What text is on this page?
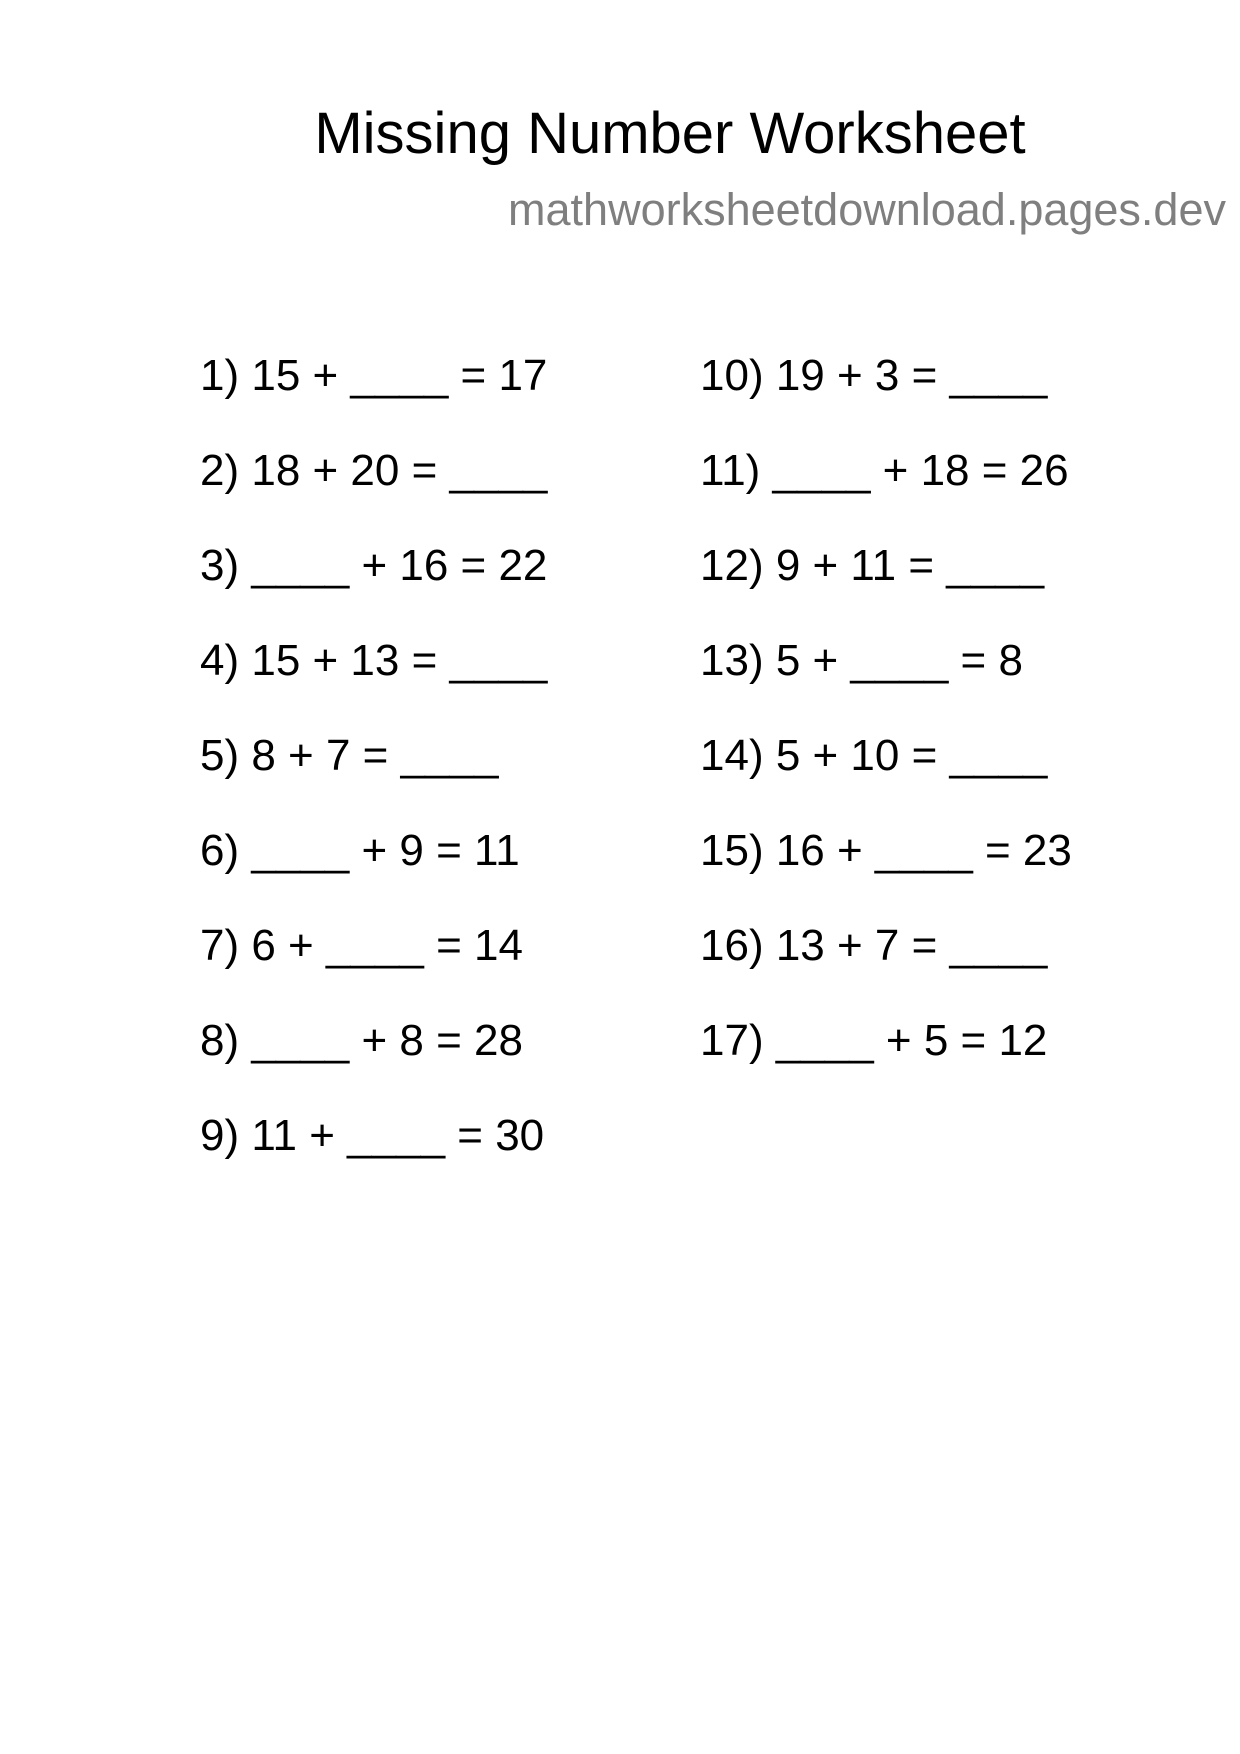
Missing Number Worksheet
mathworksheetdownload.pages.dev
1) 15 + ____ = 17
2) 18 + 20 = ____
3) ____ + 16 = 22
4) 15 + 13 = ____
5) 8 + 7 = ____
6) ____ + 9 = 11
7) 6 + ____ = 14
8) ____ + 8 = 28
9) 11 + ____ = 30
10) 19 + 3 = ____
11) ____ + 18 = 26
12) 9 + 11 = ____
13) 5 + ____ = 8
14) 5 + 10 = ____
15) 16 + ____ = 23
16) 13 + 7 = ____
17) ____ + 5 = 12
